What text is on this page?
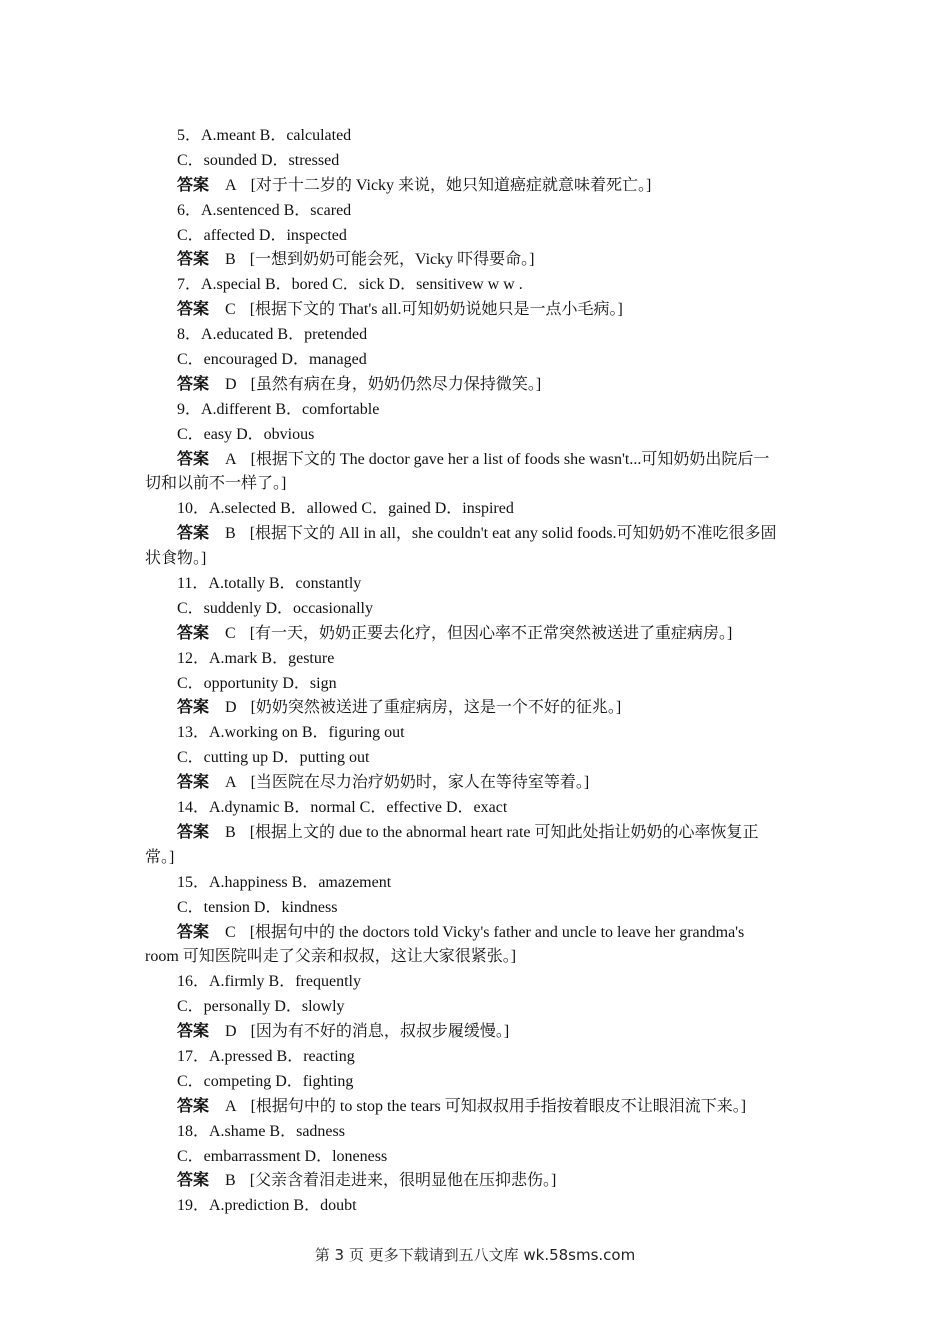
5．A.meant B．calculated
C．sounded D．stressed
答案 A [对于十二岁的 Vicky 来说，她只知道癌症就意味着死亡。]
6．A.sentenced B．scared
C．affected D．inspected
答案 B [一想到奶奶可能会死，Vicky 吓得要命。]
7．A.special B．bored C．sick D．sensitivew w w .
答案 C [根据下文的 That's all.可知奶奶说她只是一点小毛病。]
8．A.educated B．pretended
C．encouraged D．managed
答案 D [虽然有病在身，奶奶仍然尽力保持微笑。]
9．A.different B．comfortable
C．easy D．obvious
答案 A [根据下文的 The doctor gave her a list of foods she wasn't...可知奶奶出院后一
切和以前不一样了。]
10．A.selected B．allowed C．gained D．inspired
答案 B [根据下文的 All in all，she couldn't eat any solid foods.可知奶奶不准吃很多固
状食物。]
11．A.totally B．constantly
C．suddenly D．occasionally
答案 C [有一天，奶奶正要去化疗，但因心率不正常突然被送进了重症病房。]
12．A.mark B．gesture
C．opportunity D．sign
答案 D [奶奶突然被送进了重症病房，这是一个不好的征兆。]
13．A.working on B．figuring out
C．cutting up D．putting out
答案 A [当医院在尽力治疗奶奶时，家人在等待室等着。]
14．A.dynamic B．normal C．effective D．exact
答案 B [根据上文的 due to the abnormal heart rate 可知此处指让奶奶的心率恢复正
常。]
15．A.happiness B．amazement
C．tension D．kindness
答案 C [根据句中的 the doctors told Vicky's father and uncle to leave her grandma's
room 可知医院叫走了父亲和叔叔，这让大家很紧张。]
16．A.firmly B．frequently
C．personally D．slowly
答案 D [因为有不好的消息，叔叔步履缓慢。]
17．A.pressed B．reacting
C．competing D．fighting
答案 A [根据句中的 to stop the tears 可知叔叔用手指按着眼皮不让眼泪流下来。]
18．A.shame B．sadness
C．embarrassment D．loneness
答案 B [父亲含着泪走进来，很明显他在压抑悲伤。]
19．A.prediction B．doubt
第 3 页 更多下载请到五八文库 wk.58sms.com
